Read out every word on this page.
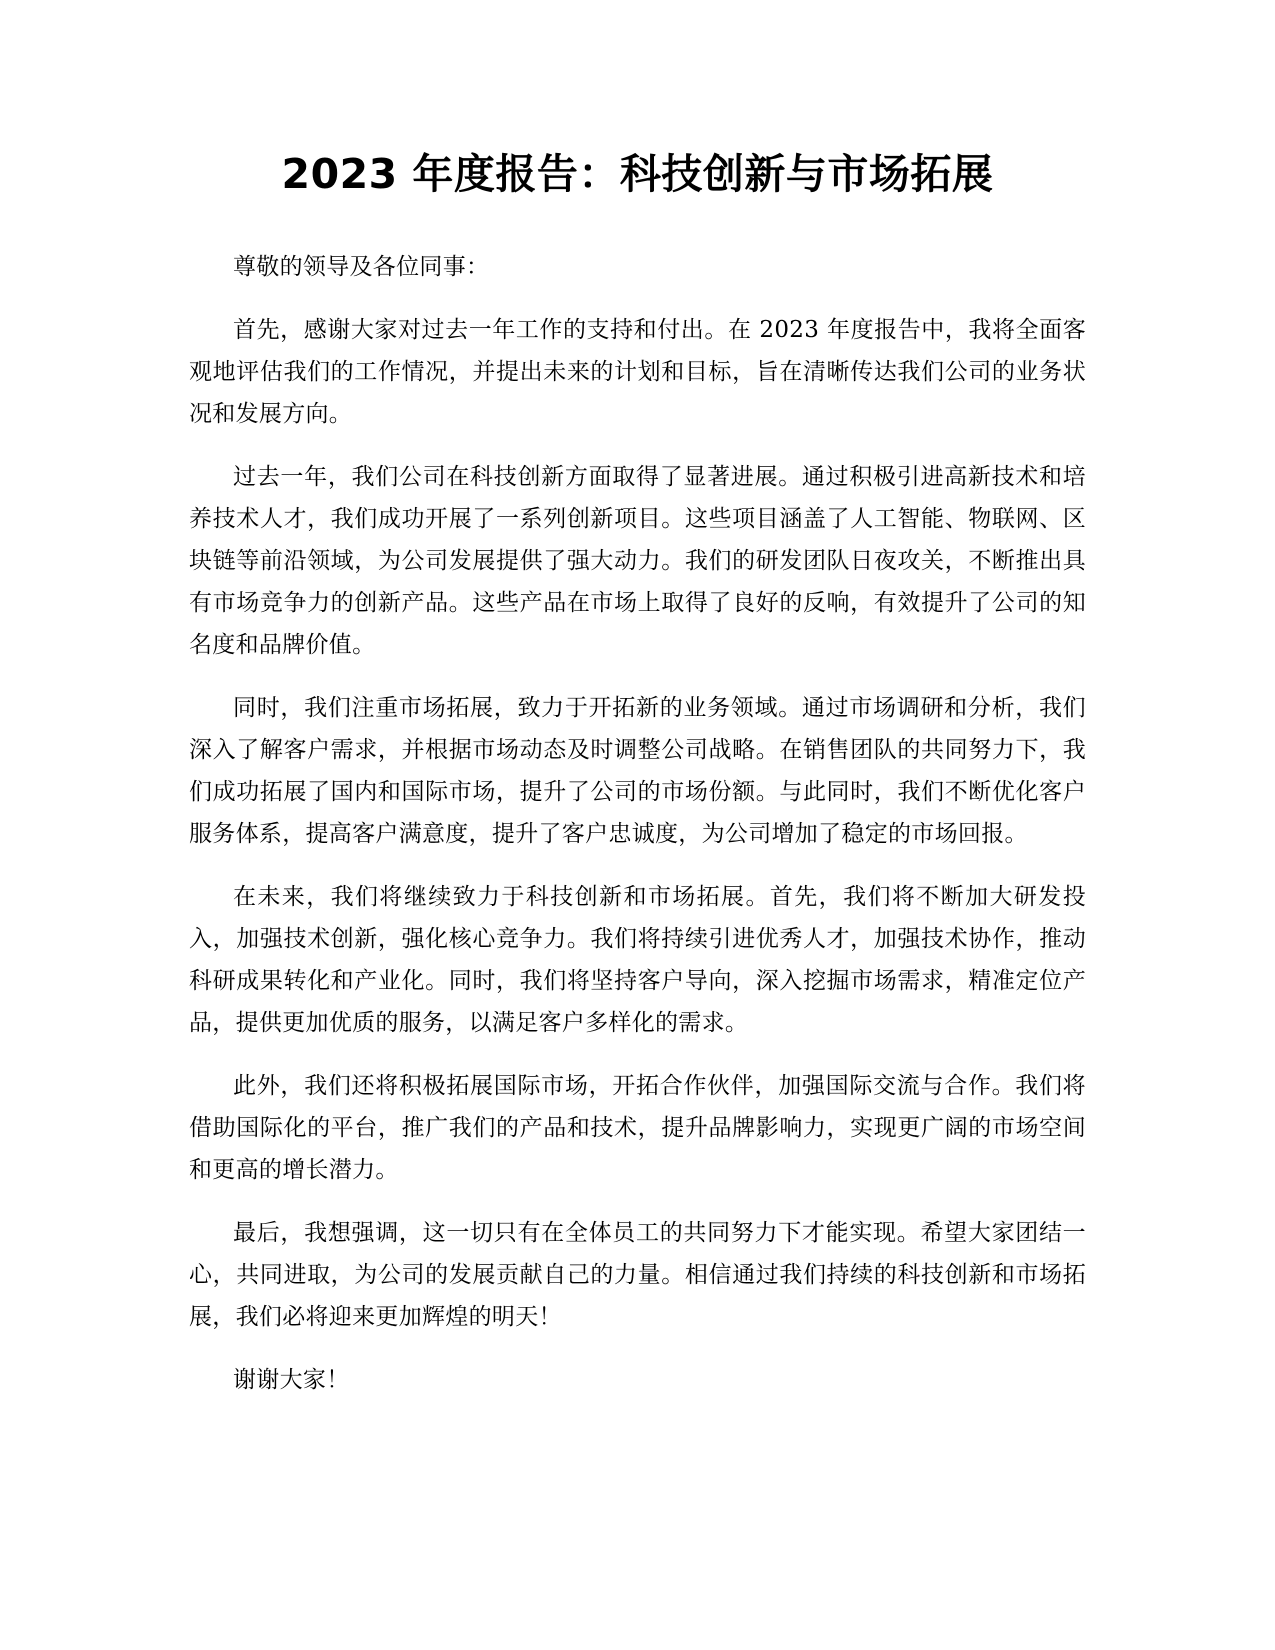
2023 年度报告：科技创新与市场拓展

尊敬的领导及各位同事：

首先，感谢大家对过去一年工作的支持和付出。在 2023 年度报告中，我将全面客观地评估我们的工作情况，并提出未来的计划和目标，旨在清晰传达我们公司的业务状况和发展方向。

过去一年，我们公司在科技创新方面取得了显著进展。通过积极引进高新技术和培养技术人才，我们成功开展了一系列创新项目。这些项目涵盖了人工智能、物联网、区块链等前沿领域，为公司发展提供了强大动力。我们的研发团队日夜攻关，不断推出具有市场竞争力的创新产品。这些产品在市场上取得了良好的反响，有效提升了公司的知名度和品牌价值。

同时，我们注重市场拓展，致力于开拓新的业务领域。通过市场调研和分析，我们深入了解客户需求，并根据市场动态及时调整公司战略。在销售团队的共同努力下，我们成功拓展了国内和国际市场，提升了公司的市场份额。与此同时，我们不断优化客户服务体系，提高客户满意度，提升了客户忠诚度，为公司增加了稳定的市场回报。

在未来，我们将继续致力于科技创新和市场拓展。首先，我们将不断加大研发投入，加强技术创新，强化核心竞争力。我们将持续引进优秀人才，加强技术协作，推动科研成果转化和产业化。同时，我们将坚持客户导向，深入挖掘市场需求，精准定位产品，提供更加优质的服务，以满足客户多样化的需求。

此外，我们还将积极拓展国际市场，开拓合作伙伴，加强国际交流与合作。我们将借助国际化的平台，推广我们的产品和技术，提升品牌影响力，实现更广阔的市场空间和更高的增长潜力。

最后，我想强调，这一切只有在全体员工的共同努力下才能实现。希望大家团结一心，共同进取，为公司的发展贡献自己的力量。相信通过我们持续的科技创新和市场拓展，我们必将迎来更加辉煌的明天！

谢谢大家！
